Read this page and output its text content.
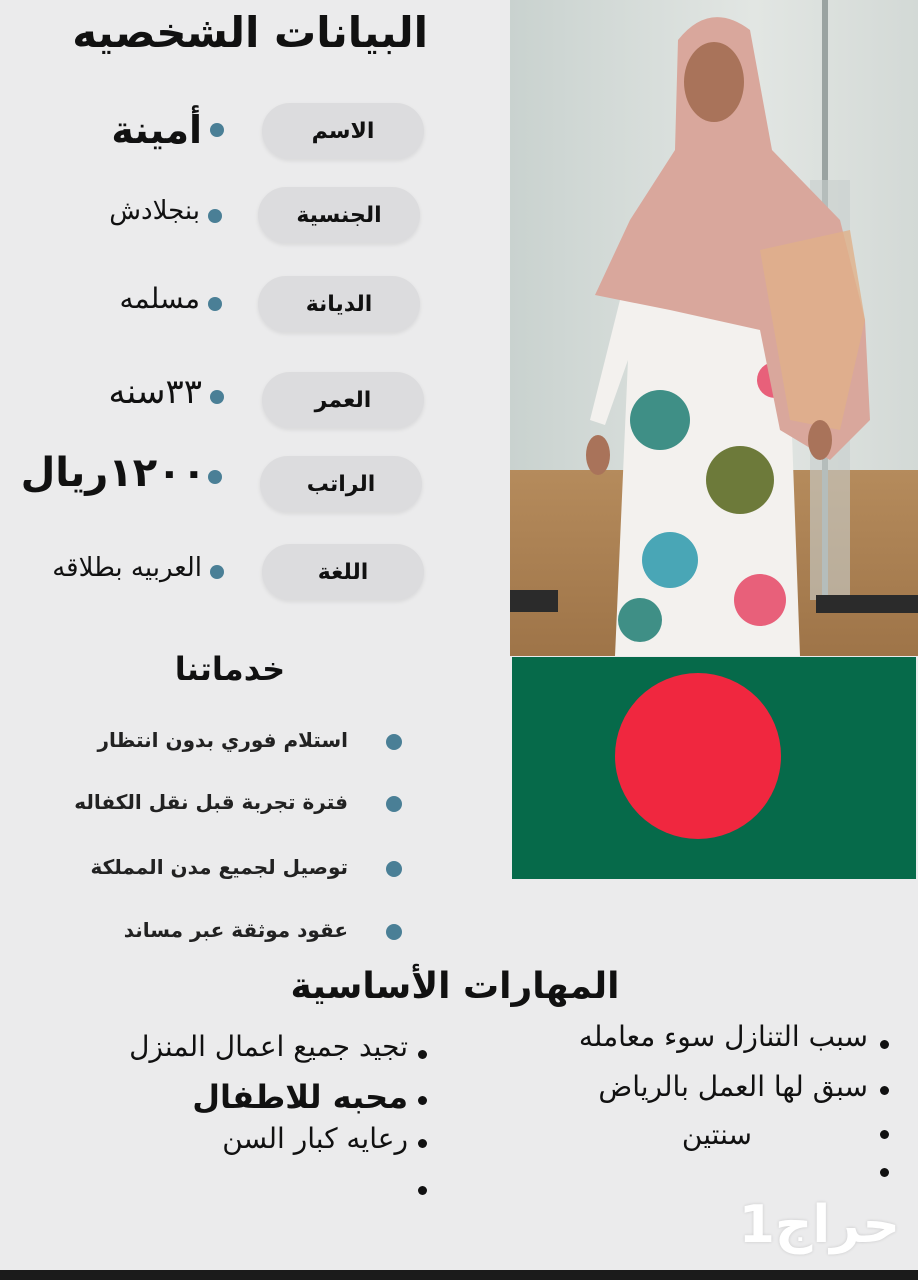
البيانات الشخصيه
الاسم
أمينة
الجنسية
بنجلادش
الديانة
مسلمه
العمر
٣٣سنه
الراتب
١٢٠٠ريال
اللغة
العربيه بطلاقه
خدماتنا
استلام فوري بدون انتظار
فترة تجربة قبل نقل الكفاله
توصيل لجميع مدن المملكة
عقود موثقة عبر مساند
المهارات الأساسية
تجيد جميع اعمال المنزل
محبه للاطفال
رعايه كبار السن
سبب التنازل سوء معامله
سبق لها العمل بالرياض
سنتين
حراج1
